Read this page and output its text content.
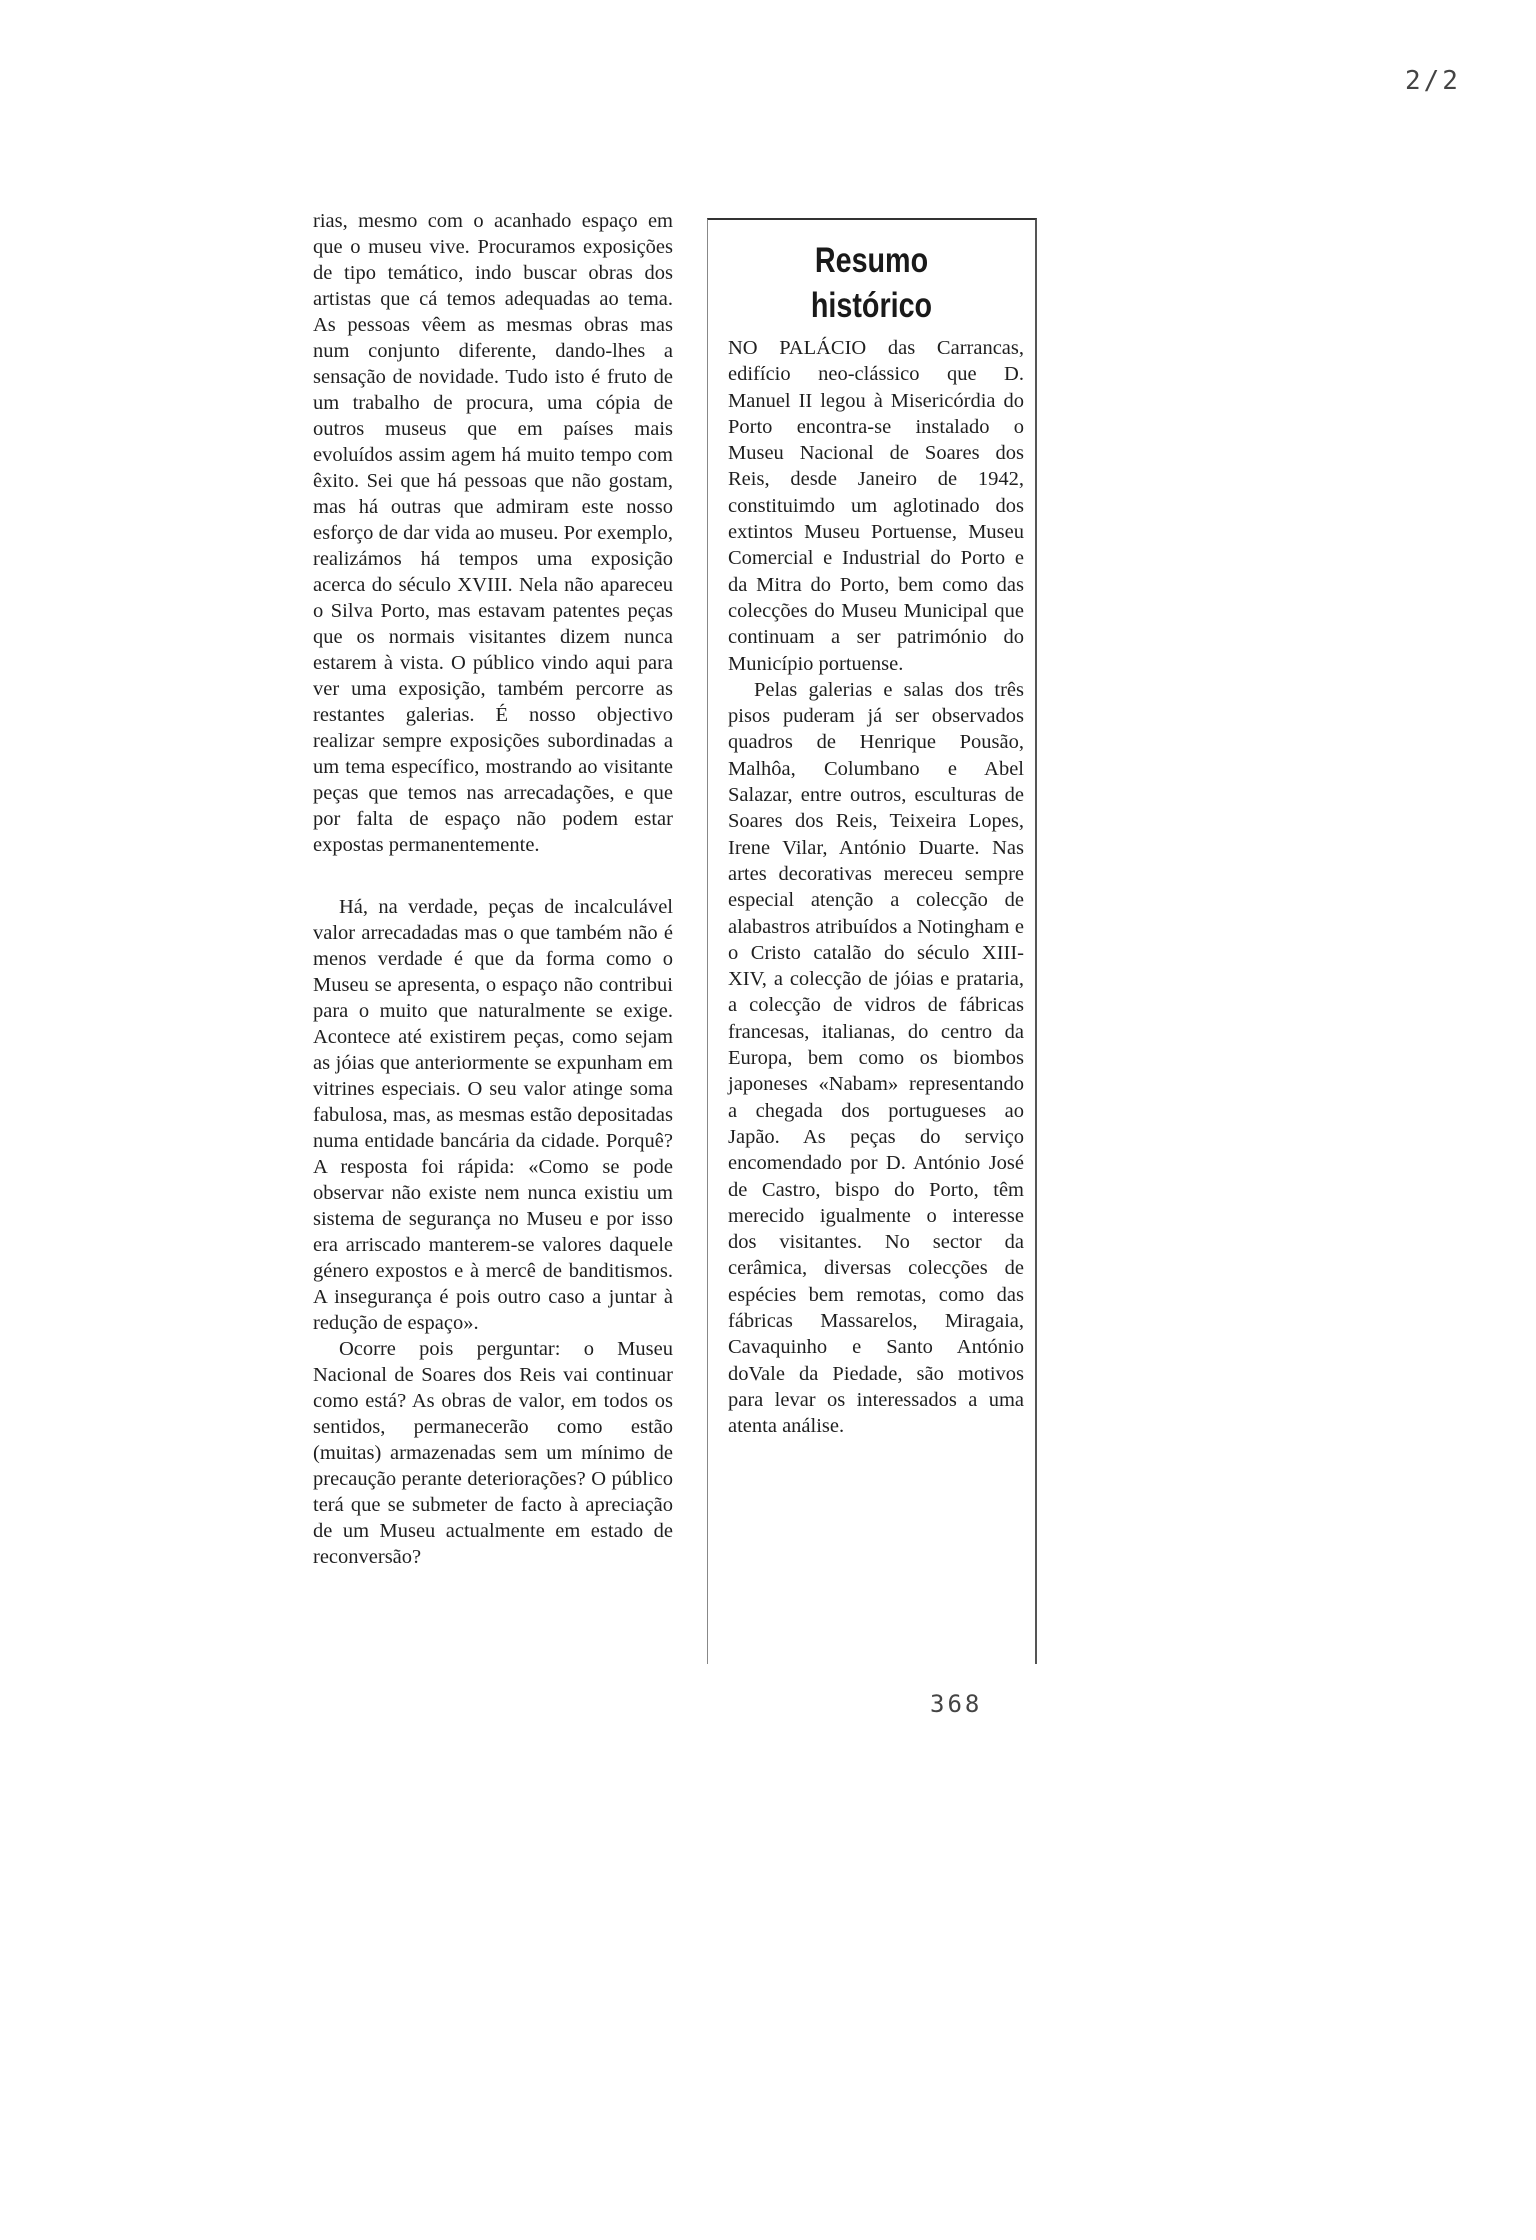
2/2

rias, mesmo com o acanhado espaço em que o museu vive. Procuramos exposições de tipo temático, indo buscar obras dos artistas que cá temos adequadas ao tema. As pessoas vêem as mesmas obras mas num conjunto diferente, dando-lhes a sensação de novidade. Tudo isto é fruto de um trabalho de procura, uma cópia de outros museus que em países mais evoluídos assim agem há muito tempo com êxito. Sei que há pessoas que não gostam, mas há outras que admiram este nosso esforço de dar vida ao museu. Por exemplo, realizámos há tempos uma exposição acerca do século XVIII. Nela não apareceu o Silva Porto, mas estavam patentes peças que os normais visitantes dizem nunca estarem à vista. O público vindo aqui para ver uma exposição, também percorre as restantes galerias. É nosso objectivo realizar sempre exposições subordinadas a um tema específico, mostrando ao visitante peças que temos nas arrecadações, e que por falta de espaço não podem estar expostas permanentemente.

Há, na verdade, peças de incalculável valor arrecadadas mas o que também não é menos verdade é que da forma como o Museu se apresenta, o espaço não contribui para o muito que naturalmente se exige. Acontece até existirem peças, como sejam as jóias que anteriormente se expunham em vitrines especiais. O seu valor atinge soma fabulosa, mas, as mesmas estão depositadas numa entidade bancária da cidade. Porquê? A resposta foi rápida: «Como se pode observar não existe nem nunca existiu um sistema de segurança no Museu e por isso era arriscado manterem-se valores daquele género expostos e à mercê de banditismos. A insegurança é pois outro caso a juntar à redução de espaço».

Ocorre pois perguntar: o Museu Nacional de Soares dos Reis vai continuar como está? As obras de valor, em todos os sentidos, permanecerão como estão (muitas) armazenadas sem um mínimo de precaução perante deteriorações? O público terá que se submeter de facto à apreciação de um Museu actualmente em estado de reconversão?

Resumo
histórico

NO PALÁCIO das Carrancas, edifício neo-clássico que D. Manuel II legou à Misericórdia do Porto encontra-se instalado o Museu Nacional de Soares dos Reis, desde Janeiro de 1942, constituimdo um aglotinado dos extintos Museu Portuense, Museu Comercial e Industrial do Porto e da Mitra do Porto, bem como das colecções do Museu Municipal que continuam a ser património do Município portuense.

Pelas galerias e salas dos três pisos puderam já ser observados quadros de Henrique Pousão, Malhôa, Columbano e Abel Salazar, entre outros, esculturas de Soares dos Reis, Teixeira Lopes, Irene Vilar, António Duarte. Nas artes decorativas mereceu sempre especial atenção a colecção de alabastros atribuídos a Notingham e o Cristo catalão do século XIII-XIV, a colecção de jóias e prataria, a colecção de vidros de fábricas francesas, italianas, do centro da Europa, bem como os biombos japoneses «Nabam» representando a chegada dos portugueses ao Japão. As peças do serviço encomendado por D. António José de Castro, bispo do Porto, têm merecido igualmente o interesse dos visitantes. No sector da cerâmica, diversas colecções de espécies bem remotas, como das fábricas Massarelos, Miragaia, Cavaquinho e Santo António doVale da Piedade, são motivos para levar os interessados a uma atenta análise.

368
